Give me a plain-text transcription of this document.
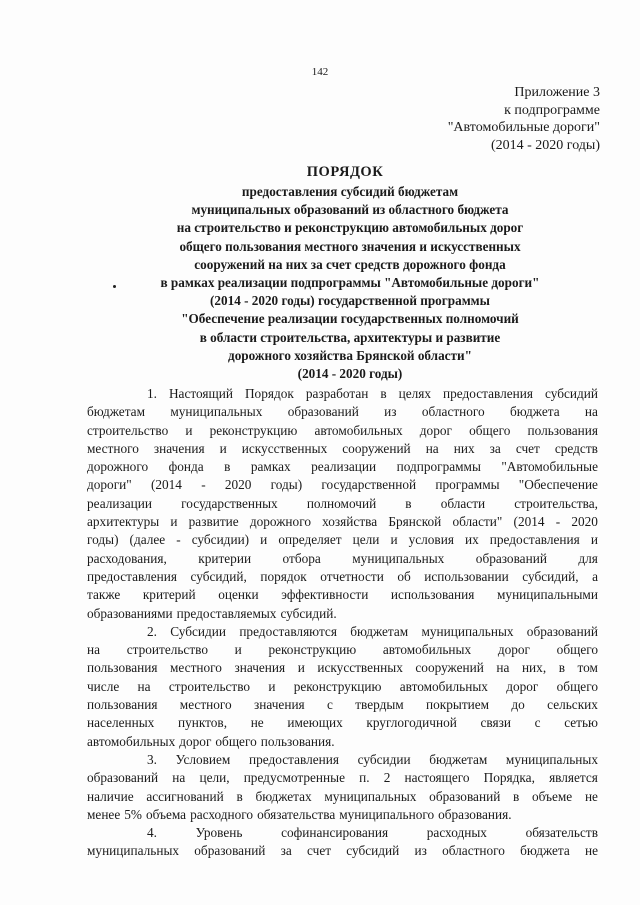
142
Приложение 3
к подпрограмме
"Автомобильные дороги"
(2014 - 2020 годы)
ПОРЯДОК
предоставления субсидий бюджетам
муниципальных образований из областного бюджета
на строительство и реконструкцию автомобильных дорог
общего пользования местного значения и искусственных
сооружений на них за счет средств дорожного фонда
в рамках реализации подпрограммы "Автомобильные дороги"
(2014 - 2020 годы) государственной программы
"Обеспечение реализации государственных полномочий
в области строительства, архитектуры и развитие
дорожного хозяйства Брянской области"
(2014 - 2020 годы)
1. Настоящий Порядок разработан в целях предоставления субсидий
бюджетам муниципальных образований из областного бюджета на
строительство и реконструкцию автомобильных дорог общего пользования
местного значения и искусственных сооружений на них за счет средств
дорожного фонда в рамках реализации подпрограммы "Автомобильные
дороги" (2014 - 2020 годы) государственной программы "Обеспечение
реализации государственных полномочий в области строительства,
архитектуры и развитие дорожного хозяйства Брянской области" (2014 - 2020
годы) (далее - субсидии) и определяет цели и условия их предоставления и
расходования, критерии отбора муниципальных образований для
предоставления субсидий, порядок отчетности об использовании субсидий, а
также критерий оценки эффективности использования муниципальными
образованиями предоставляемых субсидий.
2. Субсидии предоставляются бюджетам муниципальных образований
на строительство и реконструкцию автомобильных дорог общего
пользования местного значения и искусственных сооружений на них, в том
числе на строительство и реконструкцию автомобильных дорог общего
пользования местного значения с твердым покрытием до сельских
населенных пунктов, не имеющих круглогодичной связи с сетью
автомобильных дорог общего пользования.
3. Условием предоставления субсидии бюджетам муниципальных
образований на цели, предусмотренные п. 2 настоящего Порядка, является
наличие ассигнований в бюджетах муниципальных образований в объеме не
менее 5% объема расходного обязательства муниципального образования.
4.	Уровень	софинансирования	расходных	обязательств
муниципальных образований за счет субсидий из областного бюджета не
